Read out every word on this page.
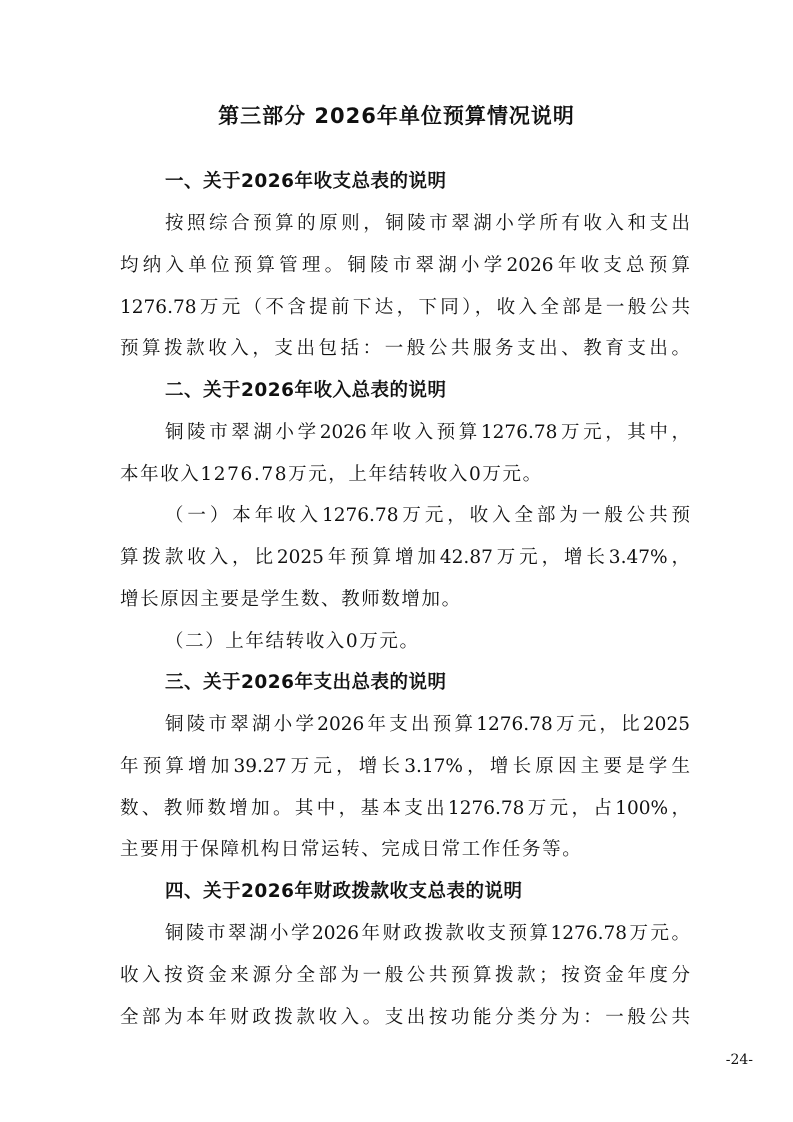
第三部分 2026年单位预算情况说明
一、关于2026年收支总表的说明
按照综合预算的原则，铜陵市翠湖小学所有收入和支出
均纳入单位预算管理。铜陵市翠湖小学2026年收支总预算
1276.78万元（不含提前下达，下同），收入全部是一般公共
预算拨款收入，支出包括：一般公共服务支出、教育支出。
二、关于2026年收入总表的说明
铜陵市翠湖小学2026年收入预算1276.78万元，其中，
本年收入1276.78万元，上年结转收入0万元。
（一）本年收入1276.78万元，收入全部为一般公共预
算拨款收入，比2025年预算增加42.87万元，增长3.47%，
增长原因主要是学生数、教师数增加。
（二）上年结转收入0万元。
三、关于2026年支出总表的说明
铜陵市翠湖小学2026年支出预算1276.78万元，比2025
年预算增加39.27万元，增长3.17%，增长原因主要是学生
数、教师数增加。其中，基本支出1276.78万元，占100%，
主要用于保障机构日常运转、完成日常工作任务等。
四、关于2026年财政拨款收支总表的说明
铜陵市翠湖小学2026年财政拨款收支预算1276.78万元。
收入按资金来源分全部为一般公共预算拨款；按资金年度分
全部为本年财政拨款收入。支出按功能分类分为：一般公共
-24-
